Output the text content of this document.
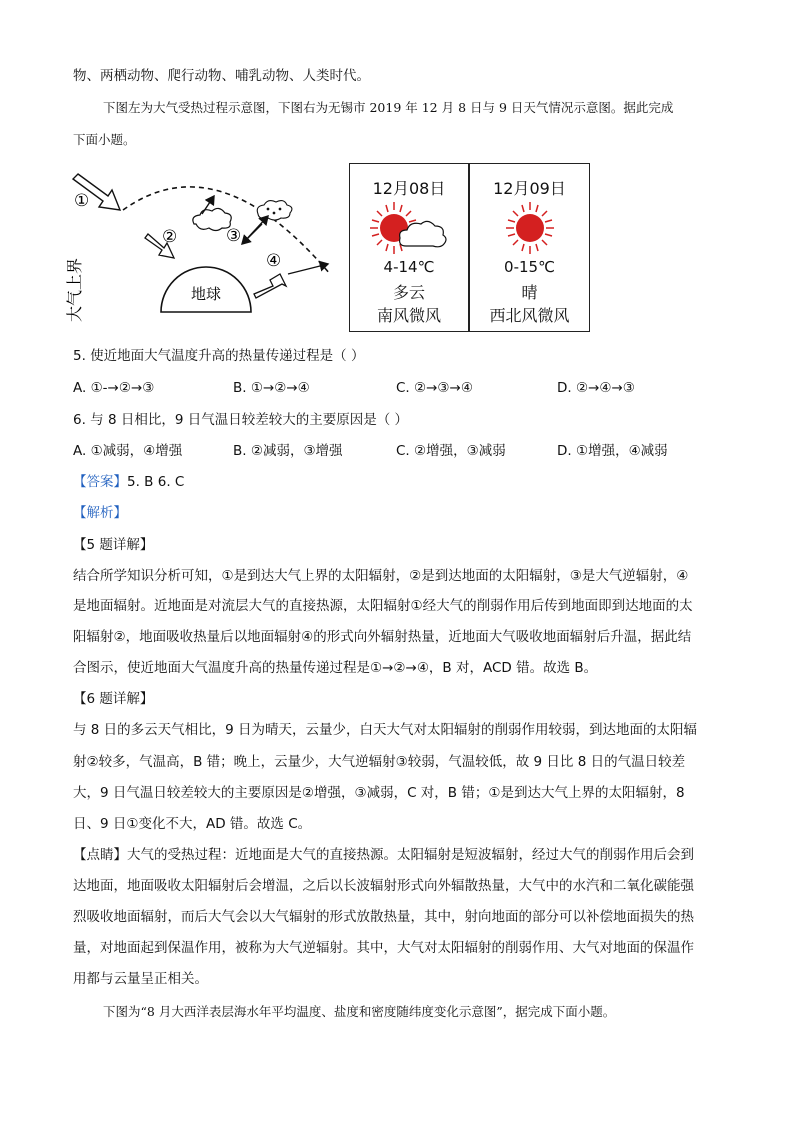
物、两栖动物、爬行动物、哺乳动物、人类时代。
下图左为大气受热过程示意图，下图右为无锡市 2019 年 12 月 8 日与 9 日天气情况示意图。据此完成
下面小题。
地球
①
②	③
④
大气上界
12月08日
4-14℃
多云
南风微风
12月09日
0-15℃
晴
西北风微风
5. 使近地面大气温度升高的热量传递过程是（ ）
A. ①-→②→③	B. ①→②→④	C. ②→③→④	D. ②→④→③
6. 与 8 日相比，9 日气温日较差较大的主要原因是（ ）
A. ①减弱，④增强	B. ②减弱，③增强	C. ②增强，③减弱	D. ①增强，④减弱
【答案】5. B 6. C
【解析】
【5 题详解】
结合所学知识分析可知，①是到达大气上界的太阳辐射，②是到达地面的太阳辐射，③是大气逆辐射，④
是地面辐射。近地面是对流层大气的直接热源，太阳辐射①经大气的削弱作用后传到地面即到达地面的太
阳辐射②，地面吸收热量后以地面辐射④的形式向外辐射热量，近地面大气吸收地面辐射后升温，据此结
合图示，使近地面大气温度升高的热量传递过程是①→②→④，B 对，ACD 错。故选 B。
【6 题详解】
与 8 日的多云天气相比，9 日为晴天，云量少，白天大气对太阳辐射的削弱作用较弱，到达地面的太阳辐
射②较多，气温高，B 错；晚上，云量少，大气逆辐射③较弱，气温较低，故 9 日比 8 日的气温日较差
大，9 日气温日较差较大的主要原因是②增强，③减弱，C 对，B 错；①是到达大气上界的太阳辐射，8
日、9 日①变化不大，AD 错。故选 C。
【点睛】大气的受热过程：近地面是大气的直接热源。太阳辐射是短波辐射，经过大气的削弱作用后会到
达地面，地面吸收太阳辐射后会增温，之后以长波辐射形式向外辐散热量，大气中的水汽和二氧化碳能强
烈吸收地面辐射，而后大气会以大气辐射的形式放散热量，其中，射向地面的部分可以补偿地面损失的热
量，对地面起到保温作用，被称为大气逆辐射。其中，大气对太阳辐射的削弱作用、大气对地面的保温作
用都与云量呈正相关。
下图为“8 月大西洋表层海水年平均温度、盐度和密度随纬度变化示意图”，据完成下面小题。
